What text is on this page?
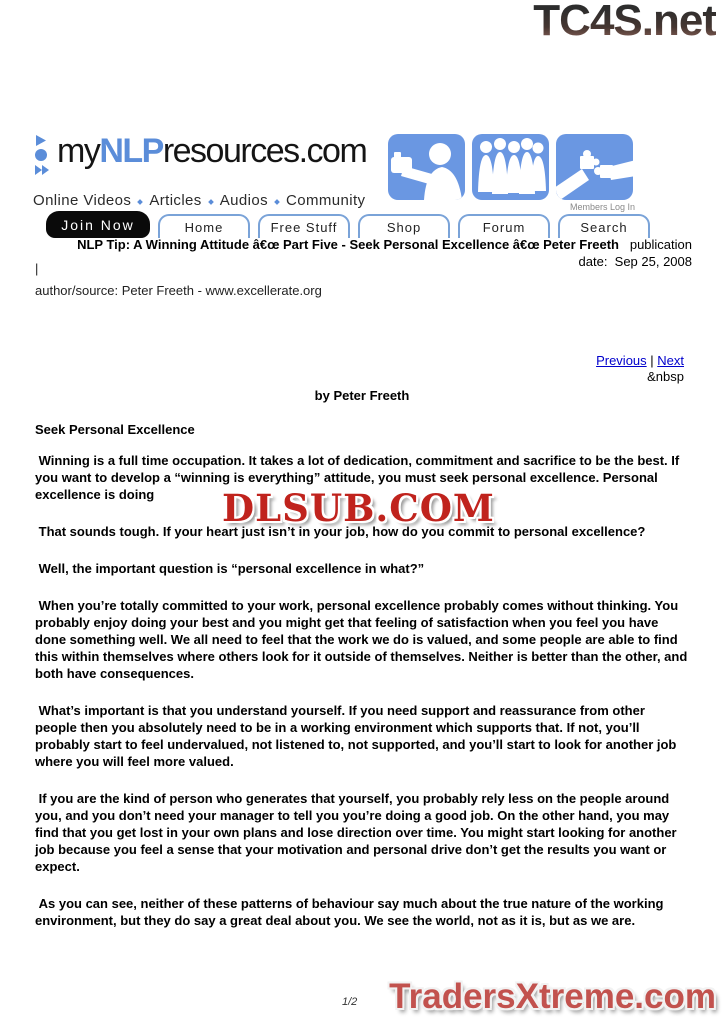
TC4S.net
myNLPresources.com
Online Videos Articles Audios Community	Members Log In
Join Now	Home	Free Stuff	Shop	Forum	Search
NLP Tip: A Winning Attitude â€œ Part Five - Seek Personal Excellence â€œ Peter Freeth   publication
date:  Sep 25, 2008
|
author/source: Peter Freeth - www.excellerate.org
Previous | Next
&nbsp
by Peter Freeth
Seek Personal Excellence

Winning is a full time occupation. It takes a lot of dedication, commitment and sacrifice to be the best. If you want to develop a “winning is everything” attitude, you must seek personal excellence. Personal excellence is doing

That sounds tough. If your heart just isn’t in your job, how do you commit to personal excellence?

Well, the important question is “personal excellence in what?”

When you’re totally committed to your work, personal excellence probably comes without thinking. You probably enjoy doing your best and you might get that feeling of satisfaction when you feel you have done something well. We all need to feel that the work we do is valued, and some people are able to find this within themselves where others look for it outside of themselves. Neither is better than the other, and both have consequences.

What’s important is that you understand yourself. If you need support and reassurance from other people then you absolutely need to be in a working environment which supports that. If not, you’ll probably start to feel undervalued, not listened to, not supported, and you’ll start to look for another job where you will feel more valued.

If you are the kind of person who generates that yourself, you probably rely less on the people around you, and you don’t need your manager to tell you you’re doing a good job. On the other hand, you may find that you get lost in your own plans and lose direction over time. You might start looking for another job because you feel a sense that your motivation and personal drive don’t get the results you want or expect.

As you can see, neither of these patterns of behaviour say much about the true nature of the working environment, but they do say a great deal about you. We see the world, not as it is, but as we are.

DLSUB.COM
1/2 TradersXtreme.com
